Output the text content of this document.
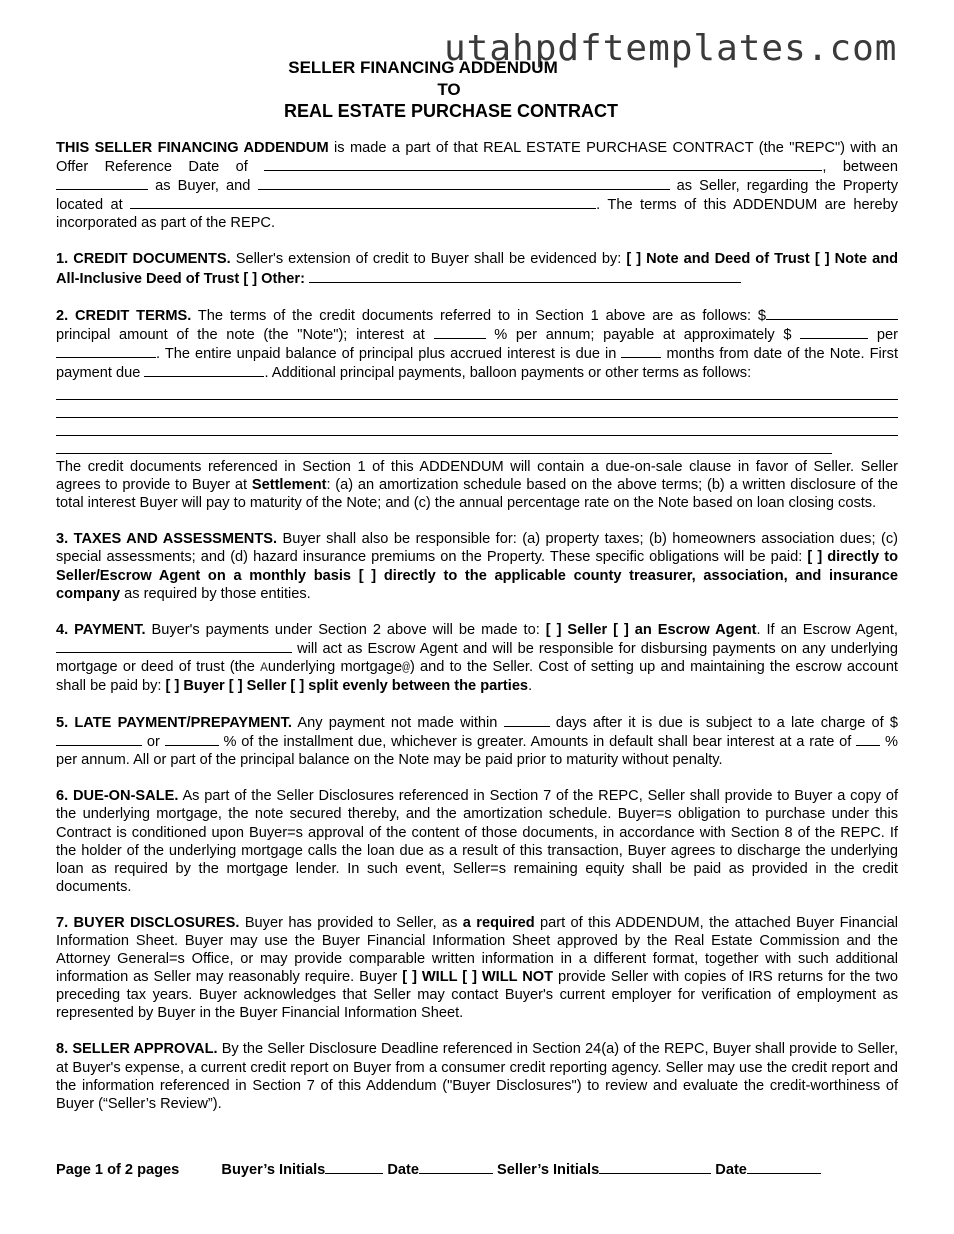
utahpdftemplates.com
SELLER FINANCING ADDENDUM
TO
REAL ESTATE PURCHASE CONTRACT

THIS SELLER FINANCING ADDENDUM is made a part of that REAL ESTATE PURCHASE CONTRACT (the "REPC") with an Offer Reference Date of	, between  as Buyer, and	as Seller, regarding the Property located at	. The terms of this ADDENDUM are hereby incorporated as part of the REPC.

1. CREDIT DOCUMENTS. Seller's extension of credit to Buyer shall be evidenced by: [ ] Note and Deed of Trust [ ] Note and All-Inclusive Deed of Trust [ ] Other:

2. CREDIT TERMS. The terms of the credit documents referred to in Section 1 above are as follows: $ principal amount of the note (the "Note"); interest at	% per annum; payable at approximately $	per . The entire unpaid balance of principal plus accrued interest is due in	months from date of the Note. First payment due	. Additional principal payments, balloon payments or other terms as follows:

The credit documents referenced in Section 1 of this ADDENDUM will contain a due-on-sale clause in favor of Seller. Seller agrees to provide to Buyer at Settlement: (a) an amortization schedule based on the above terms; (b) a written disclosure of the total interest Buyer will pay to maturity of the Note; and (c) the annual percentage rate on the Note based on loan closing costs.

3. TAXES AND ASSESSMENTS. Buyer shall also be responsible for: (a) property taxes; (b) homeowners association dues; (c) special assessments; and (d) hazard insurance premiums on the Property. These specific obligations will be paid: [ ] directly to Seller/Escrow Agent on a monthly basis [ ] directly to the applicable county treasurer, association, and insurance company as required by those entities.

4. PAYMENT. Buyer's payments under Section 2 above will be made to: [ ] Seller [ ] an Escrow Agent. If an Escrow Agent,  will act as Escrow Agent and will be responsible for disbursing payments on any underlying mortgage or deed of trust (the Aunderlying mortgage@) and to the Seller. Cost of setting up and maintaining the escrow account shall be paid by: [ ] Buyer [ ] Seller [ ] split evenly between the parties.

5. LATE PAYMENT/PREPAYMENT. Any payment not made within	days after it is due is subject to a late charge of $  or	% of the installment due, whichever is greater. Amounts in default shall bear interest at a rate of % per annum. All or part of the principal balance on the Note may be paid prior to maturity without penalty.

6. DUE-ON-SALE. As part of the Seller Disclosures referenced in Section 7 of the REPC, Seller shall provide to Buyer a copy of the underlying mortgage, the note secured thereby, and the amortization schedule. Buyer=s obligation to purchase under this Contract is conditioned upon Buyer=s approval of the content of those documents, in accordance with Section 8 of the REPC. If the holder of the underlying mortgage calls the loan due as a result of this transaction, Buyer agrees to discharge the underlying loan as required by the mortgage lender. In such event, Seller=s remaining equity shall be paid as provided in the credit documents.

7. BUYER DISCLOSURES. Buyer has provided to Seller, as a required part of this ADDENDUM, the attached Buyer Financial Information Sheet. Buyer may use the Buyer Financial Information Sheet approved by the Real Estate Commission and the Attorney General=s Office, or may provide comparable written information in a different format, together with such additional information as Seller may reasonably require. Buyer [ ] WILL [ ] WILL NOT provide Seller with copies of IRS returns for the two preceding tax years. Buyer acknowledges that Seller may contact Buyer's current employer for verification of employment as represented by Buyer in the Buyer Financial Information Sheet.

8. SELLER APPROVAL. By the Seller Disclosure Deadline referenced in Section 24(a) of the REPC, Buyer shall provide to Seller, at Buyer's expense, a current credit report on Buyer from a consumer credit reporting agency. Seller may use the credit report and the information referenced in Section 7 of this Addendum ("Buyer Disclosures") to review and evaluate the credit-worthiness of Buyer (“Seller’s Review”).

Page 1 of 2 pages	Buyer’s Initials	Date	Seller’s Initials	Date
